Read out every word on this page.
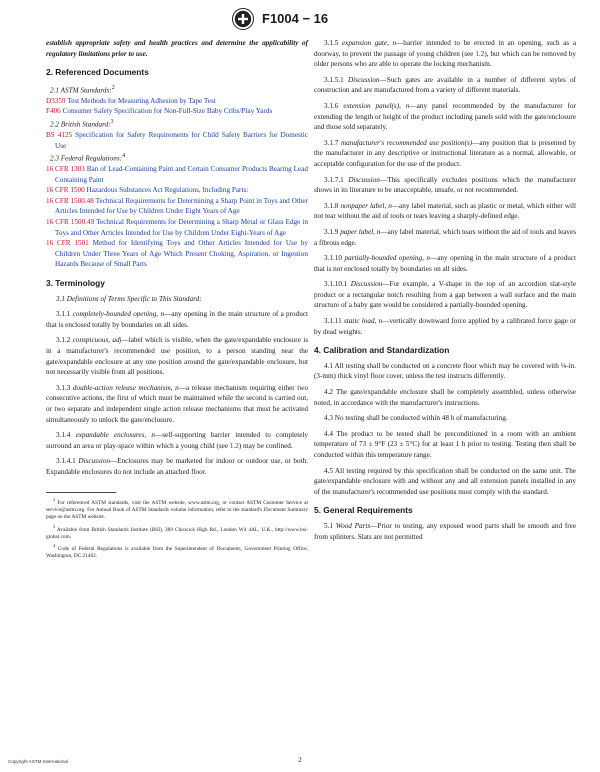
F1004 − 16

establish appropriate safety and health practices and determine the applicability of regulatory limitations prior to use.

2. Referenced Documents

2.1 ASTM Standards:$^2$

D3359 Test Methods for Measuring Adhesion by Tape Test

F406 Consumer Safety Specification for Non-Full-Size Baby Cribs/Play Yards

2.2 British Standard:$^3$

BS 4125 Specification for Safety Requirements for Child Safety Barriers for Domestic Use

2.3 Federal Regulations:$^4$

16 CFR 1303 Ban of Lead-Containing Paint and Certain Consumer Products Bearing Lead Containing Paint

16 CFR 1500 Hazardous Substances Act Regulations, Including Parts:

16 CFR 1500.48 Technical Requirements for Determining a Sharp Point in Toys and Other Articles Intended for Use by Children Under Eight Years of Age

16 CFR 1500.49 Technical Requirements for Determining a Sharp Metal or Glass Edge in Toys and Other Articles Intended for Use by Children Under Eight-Years of Age

16 CFR 1501 Method for Identifying Toys and Other Articles Intended for Use by Children Under Three Years of Age Which Present Choking, Aspiration, or Ingestion Hazards Because of Small Parts

3. Terminology

3.1 Definitions of Terms Specific to This Standard:

3.1.1 completely-bounded opening, n—any opening in the main structure of a product that is enclosed totally by boundaries on all sides.

3.1.2 conspicuous, adj—label which is visible, when the gate/expandable enclosure is in a manufacturer's recommended use position, to a person standing near the gate/expandable enclosure at any one position around the gate/expandable enclosure, but not necessarily visible from all positions.

3.1.3 double-action release mechanism, n—a release mechanism requiring either two consecutive actions, the first of which must be maintained while the second is carried out, or two separate and independent single action release mechanisms that must be activated simultaneously to unlock the gate/enclosure.

3.1.4 expandable enclosures, n—self-supporting barrier intended to completely surround an area or play-space within which a young child (see 1.2) may be confined.

3.1.4.1 Discussion—Enclosures may be marketed for indoor or outdoor use, or both. Expandable enclosures do not include an attached floor.

$^2$ For referenced ASTM standards, visit the ASTM website, www.astm.org, or contact ASTM Customer Service at service@astm.org. For Annual Book of ASTM Standards volume information, refer to the standard's Document Summary page on the ASTM website.

$^3$ Available from British Standards Institute (BSI), 389 Chiswick High Rd., London W4 4AL, U.K., http://www.bsi-global.com.

$^4$ Code of Federal Regulations is available from the Superintendent of Documents, Government Printing Office, Washington, DC 21402.

3.1.5 expansion gate, n—barrier intended to be erected in an opening, such as a doorway, to prevent the passage of young children (see 1.2), but which can be removed by older persons who are able to operate the locking mechanism.

3.1.5.1 Discussion—Such gates are available in a number of different styles of construction and are manufactured from a variety of different materials.

3.1.6 extension panel(s), n—any panel recommended by the manufacturer for extending the length or height of the product including panels sold with the gate/enclosure and those sold separately.

3.1.7 manufacturer's recommended use position(s)—any position that is presented by the manufacturer in any descriptive or instructional literature as a normal, allowable, or acceptable configuration for the use of the product.

3.1.7.1 Discussion—This specifically excludes positions which the manufacturer shows in its literature to be unacceptable, unsafe, or not recommended.

3.1.8 nonpaper label, n—any label material, such as plastic or metal, which either will not tear without the aid of tools or tears leaving a sharply-defined edge.

3.1.9 paper label, n—any label material, which tears without the aid of tools and leaves a fibrous edge.

3.1.10 partially-bounded opening, n—any opening in the main structure of a product that is not enclosed totally by boundaries on all sides.

3.1.10.1 Discussion—For example, a V-shape in the top of an accordion slat-style product or a rectangular notch resulting from a gap between a wall surface and the main structure of a baby gate would be considered a partially-bounded opening.

3.1.11 static load, n—vertically downward force applied by a calibrated force gage or by dead weights.

4. Calibration and Standardization

4.1 All testing shall be conducted on a concrete floor which may be covered with ⅛-in. (3-mm) thick vinyl floor cover, unless the test instructs differently.

4.2 The gate/expandable enclosure shall be completely assembled, unless otherwise noted, in accordance with the manufacturer's instructions.

4.3 No testing shall be conducted within 48 h of manufacturing.

4.4 The product to be tested shall be preconditioned in a room with an ambient temperature of 73 ± 9°F (23 ± 5°C) for at least 1 h prior to testing. Testing then shall be conducted within this temperature range.

4.5 All testing required by this specification shall be conducted on the same unit. The gate/expandable enclosure with and without any and all extension panels installed in any of the manufacturer's recommended use positions must comply with the standard.

5. General Requirements

5.1 Wood Parts—Prior to testing, any exposed wood parts shall be smooth and free from splinters. Slats are not permitted

Copyright ASTM International	2
